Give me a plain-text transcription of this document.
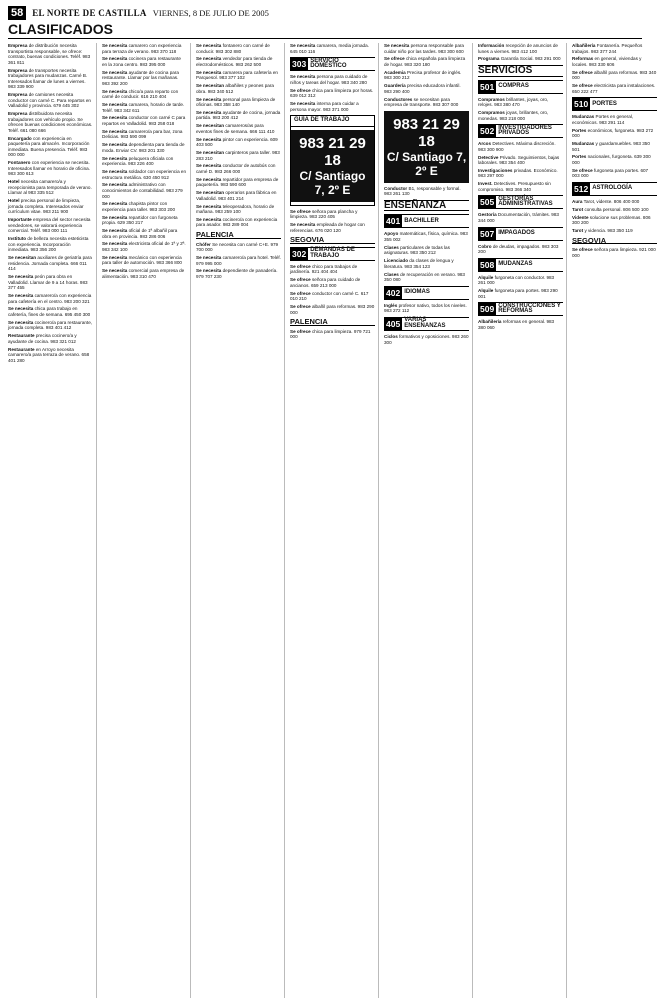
58	EL NORTE DE CASTILLA VIERNES, 8 DE JULIO DE 2005
CLASIFICADOS

Empresa de distribución necesita transportista responsable, se ofrece: contrato, buenas condiciones. Teléf. 983 361 811

Empresa de transportes necesita trabajadores para mudanzas. Carné B. Interesados llamar de lunes a viernes. 983 339 900

Empresa de camiones necesita conductor con carné C. Para repartos en Valladolid y provincia. 679 445 302

Empresa distribuidora necesita trabajadores con vehículo propio. Se ofrecen buenas condiciones económicas. Teléf. 661 080 666

Encargado con experiencia en paquetería para almacén. Incorporación inmediata. Buena presencia. Teléf. 983 000 000

Fontanero con experiencia se necesita. Interesados llamar en horario de oficina. 983 300 613

Hotel necesita camarero/a y recepcionista para temporada de verano. Llamar al 983 335 512

Hotel precisa personal de limpieza, jornada completa. Interesados enviar currículum vitae. 983 211 900

Importante empresa del sector necesita vendedores, se valorará experiencia comercial. Teléf. 983 000 111

Instituto de belleza necesita esteticista con experiencia. Incorporación inmediata. 983 356 200

Se necesitan auxiliares de geriatría para residencia. Jornada completa. 666 011 414

Se necesita peón para obra en Valladolid. Llamar de 9 a 14 horas. 983 377 455

Se necesita camarero/a con experiencia para cafetería en el centro. 983 200 321

Se necesita chica para trabajo en cafetería, fines de semana. 695 450 300

Se necesita cocinero/a para restaurante, jornada completa. 983 401 412

Restaurante precisa cocinero/a y ayudante de cocina. 983 321 012

Restaurante en Arroyo necesita camarero/a para terraza de verano. 658 401 280

Se necesita camarero con experiencia para terraza de verano. 983 370 118

Se necesita cocinera para restaurante en la zona centro. 983 395 000

Se necesita ayudante de cocina para restaurante. Llamar por las mañanas. 983 392 200

Se necesita chico/a para reparto con carné de conducir. 616 210 404

Se necesita camarera, horario de tarde. Teléf. 983 342 611

Se necesita conductor con carné C para repartos en Valladolid. 983 258 018

Se necesita camarero/a para bar, zona Delicias. 983 590 099

Se necesita dependienta para tienda de moda. Enviar CV. 983 201 330

Se necesita peluquera oficiala con experiencia. 983 226 400

Se necesita soldador con experiencia en estructura metálica. 630 450 912

Se necesita administrativo con conocimientos de contabilidad. 983 279 000

Se necesita chapista pintor con experiencia para taller. 983 303 200

Se necesita repartidor con furgoneta propia. 629 350 217

Se necesita oficial de 1ª albañil para obra en provincia. 983 286 006

Se necesita electricista oficial de 1ª y 2ª. 983 342 100

Se necesita mecánico con experiencia para taller de automoción. 983 366 800

Se necesita comercial para empresa de alimentación. 983 310 470

Se necesita fontanero con carné de conducir. 983 302 880

Se necesita vendedor para tienda de electrodomésticos. 983 262 500

Se necesita camarera para cafetería en Parquesol. 983 377 102

Se necesitan albañiles y peones para obra. 983 340 512

Se necesita personal para limpieza de oficinas. 983 358 140

Se necesita ayudante de cocina, jornada partida. 983 200 412

Se necesitan camareros/as para eventos fines de semana. 666 111 410

Se necesita pintor con experiencia. 609 403 500

Se necesitan carpinteros para taller. 983 283 210

Se necesita conductor de autobús con carné D. 983 266 000

Se necesita repartidor para empresa de paquetería. 983 590 600

Se necesitan operarios para fábrica en Valladolid. 983 401 214

Se necesita teleoperadora, horario de mañana. 983 259 100

Se necesita cocinero/a con experiencia para asador. 983 289 004

PALENCIA

Chófer Se necesita con carné C+E. 979 700 000

Se necesita camarero/a para hotel. Teléf. 979 995 000

Se necesita dependiente de panadería. 979 707 230

Se necesita camarera, media jornada. 645 010 116

303 SERVICIO DOMÉSTICO

Se necesita persona para cuidado de niños y tareas del hogar. 983 340 280

Se ofrece chica para limpieza por horas. 639 012 312

Se necesita interna para cuidar a persona mayor. 983 371 000

GUÍA DE TRABAJO
983 21 29 18
C/ Santiago 7, 2º E

Se ofrece señora para plancha y limpieza. 983 220 405

Se necesita empleada de hogar con referencias. 676 020 120

SEGOVIA
302 DEMANDAS DE TRABAJO

Se ofrece chico para trabajos de jardinería. 921 404 404

Se ofrece señora para cuidado de ancianos. 659 213 000

Se ofrece conductor con carné C. 617 010 210

Se ofrece albañil para reformas. 983 290 000

PALENCIA

Se ofrece chica para limpieza. 979 721 000

Se necesita persona responsable para cuidar niño por las tardes. 983 300 600

Se ofrece chica española para limpieza de hogar. 983 320 180

Academia Precisa profesor de inglés. 983 300 212

Guardería precisa educadora infantil. 983 290 400

Conductores se necesitan para empresa de transporte. 983 307 000

983 21 29 18
C/ Santiago 7, 2º E

Conductor B1, responsable y formal. 983 261 130

ENSEÑANZA
401 BACHILLER

Apoyo matemáticas, física, química. 983 355 002

Clases particulares de todas las asignaturas. 983 350 212

Licenciado da clases de lengua y literatura. 983 354 123

Clases de recuperación en verano. 983 350 080

402 IDIOMAS

Inglés profesor nativo, todos los niveles. 983 272 112

405 VARIAS ENSEÑANZAS

Ciclos formativos y oposiciones. 983 260 300

Información recepción de anuncios de lunes a viernes. 983 412 100

Programa Garantía Social. 983 291 000

SERVICIOS
501 COMPRAS

Compramos brillantes, joyas, oro, relojes. 983 380 470

Compramos joyas, brillantes, oro, monedas. 983 218 000

502 INVESTIGADORES PRIVADOS

Arcos Detectives. Máxima discreción. 983 300 900

Detective Privado. Seguimientos, bajas laborales. 983 354 400

Investigaciones privadas. Económico. 983 297 000

Invest. Detectives. Presupuesto sin compromiso. 983 366 340

505 GESTORÍAS ADMINISTRATIVAS

Gestoría Documentación, trámites. 983 344 000

507 IMPAGADOS

Cobro de deudas, impagados. 983 303 200

508 MUDANZAS

Alquile furgoneta con conductor. 983 261 000

Alquile furgoneta para portes. 983 290 001

509 CONSTRUCCIONES Y REFORMAS

Albañilería reformas en general. 983 380 060

Albañilería Fontanería. Pequeños trabajos. 983 377 244

Reformas en general, viviendas y locales. 983 330 606

Se ofrece albañil para reformas. 983 340 000

Se ofrece electricista para instalaciones. 650 222 477

510 PORTES

Mudanzas Portes en general, económicos. 983 291 114

Portes económicos, furgoneta. 983 272 000

Mudanzas y guardamuebles. 983 350 501

Portes nacionales, furgoneta. 639 300 000

Se ofrece furgoneta para portes. 607 003 000

512 ASTROLOGÍA

Aura Tarot, vidente. 806 400 000

Tarot consulta personal. 806 500 100

Vidente solucione sus problemas. 806 300 200

Tarot y videncia. 983 350 119

SEGOVIA

Se ofrece señora para limpieza. 921 000 000
